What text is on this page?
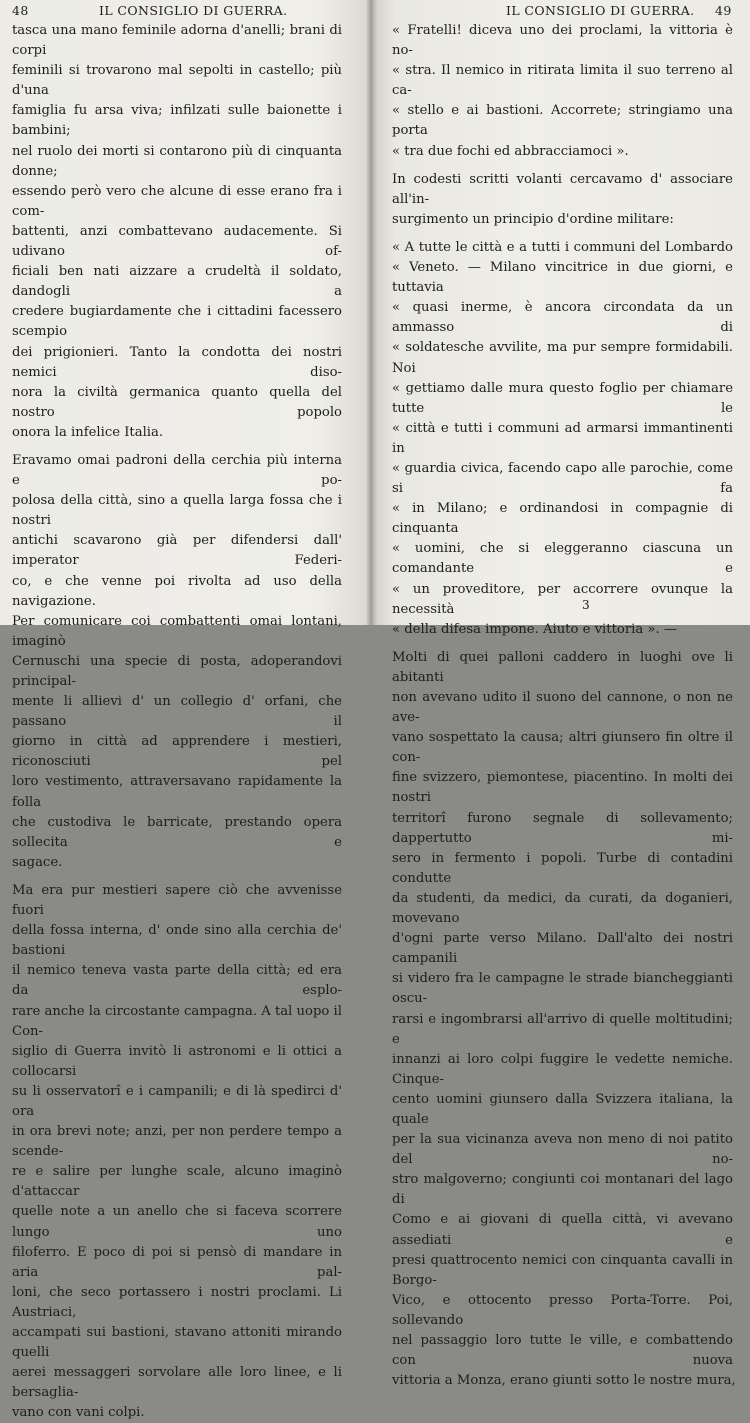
48	IL CONSIGLIO DI GUERRA.
tasca una mano feminile adorna d'anelli; brani di corpi
feminili si trovarono mal sepolti in castello; più d'una
famiglia fu arsa viva; infilzati sulle baionette i bambini;
nel ruolo dei morti si contarono più di cinquanta donne;
essendo però vero che alcune di esse erano fra i com-
battenti, anzi combattevano audacemente. Si udivano of-
ficiali ben nati aizzare a crudeltà il soldato, dandogli a
credere bugiardamente che i cittadini facessero scempio
dei prigionieri. Tanto la condotta dei nostri nemici diso-
nora la civiltà germanica quanto quella del nostro popolo
onora la infelice Italia.
Eravamo omai padroni della cerchia più interna e po-
polosa della città, sino a quella larga fossa che i nostri
antichi scavarono già per difendersi dall' imperator Federi-
co, e che venne poi rivolta ad uso della navigazione.
Per comunicare coi combattenti omai lontani, imaginò
Cernuschi una specie di posta, adoperandovi principal-
mente li allievi d' un collegio d' orfani, che passano il
giorno in città ad apprendere i mestieri, riconosciuti pel
loro vestimento, attraversavano rapidamente la folla
che custodiva le barricate, prestando opera sollecita e
sagace.
Ma era pur mestieri sapere ciò che avvenisse fuori
della fossa interna, d' onde sino alla cerchia de' bastioni
il nemico teneva vasta parte della città; ed era da esplo-
rare anche la circostante campagna. A tal uopo il Con-
siglio di Guerra invitò li astronomi e li ottici a collocarsi
su li osservatorî e i campanili; e di là spedirci d' ora
in ora brevi note; anzi, per non perdere tempo a scende-
re e salire per lunghe scale, alcuno imaginò d'attaccar
quelle note a un anello che si faceva scorrere lungo uno
filoferro. E poco di poi si pensò di mandare in aria pal-
loni, che seco portassero i nostri proclami. Li Austriaci,
accampati sui bastioni, stavano attoniti mirando quelli
aerei messaggeri sorvolare alle loro linee, e li bersaglia-
vano con vani colpi.
IL CONSIGLIO DI GUERRA. 49
« Fratelli! diceva uno dei proclami, la vittoria è no-
« stra. Il nemico in ritirata limita il suo terreno al ca-
« stello e ai bastioni. Accorrete; stringiamo una porta
« tra due fochi ed abbracciamoci ».
In codesti scritti volanti cercavamo d' associare all'in-
surgimento un principio d'ordine militare:
« A tutte le città e a tutti i communi del Lombardo
« Veneto. — Milano vincitrice in due giorni, e tuttavia
« quasi inerme, è ancora circondata da un ammasso di
« soldatesche avvilite, ma pur sempre formidabili. Noi
« gettiamo dalle mura questo foglio per chiamare tutte le
« città e tutti i communi ad armarsi immantinenti in
« guardia civica, facendo capo alle parochie, come si fa
« in Milano; e ordinandosi in compagnie di cinquanta
« uomini, che si eleggeranno ciascuna un comandante e
« un proveditore, per accorrere ovunque la necessità
« della difesa impone. Aiuto e vittoria ». —
Molti di quei palloni caddero in luoghi ove li abitanti
non avevano udito il suono del cannone, o non ne ave-
vano sospettato la causa; altri giunsero fin oltre il con-
fine svizzero, piemontese, piacentino. In molti dei nostri
territorî furono segnale di sollevamento; dappertutto mi-
sero in fermento i popoli. Turbe di contadini condutte
da studenti, da medici, da curati, da doganieri, movevano
d'ogni parte verso Milano. Dall'alto dei nostri campanili
si videro fra le campagne le strade biancheggianti oscu-
rarsi e ingombrarsi all'arrivo di quelle moltitudini; e
innanzi ai loro colpi fuggire le vedette nemiche. Cinque-
cento uomini giunsero dalla Svizzera italiana, la quale
per la sua vicinanza aveva non meno di noi patito del no-
stro malgoverno; congiunti coi montanari del lago di
Como e ai giovani di quella città, vi avevano assediati e
presi quattrocento nemici con cinquanta cavalli in Borgo-
Vico, e ottocento presso Porta-Torre. Poi, sollevando
nel passaggio loro tutte le ville, e combattendo con nuova
vittoria a Monza, erano giunti sotto le nostre mura,
3
